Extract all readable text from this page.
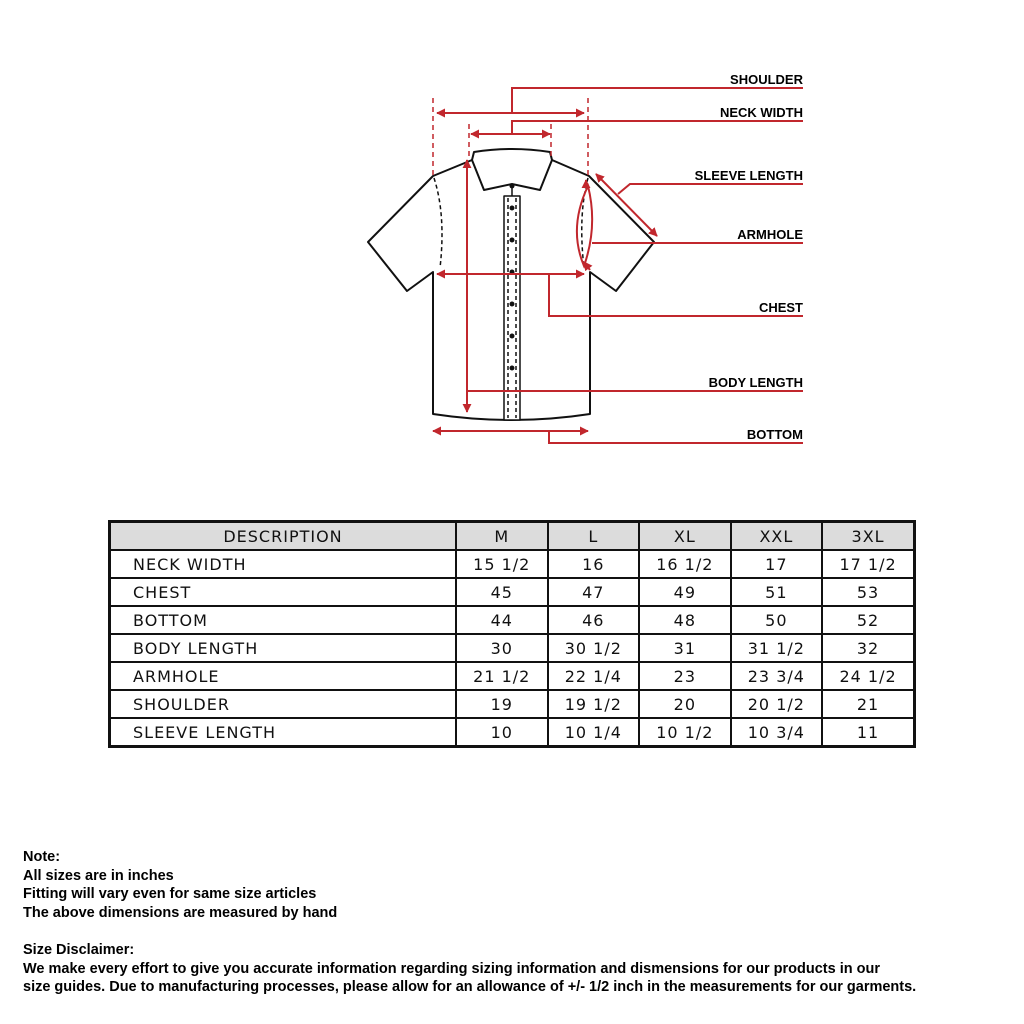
SHOULDER
NECK WIDTH
SLEEVE LENGTH
ARMHOLE
CHEST
BODY LENGTH
BOTTOM
DESCRIPTION	M	L	XL	XXL	3XL
NECK WIDTH	15 1/2	16	16 1/2	17	17 1/2
CHEST	45	47	49	51	53
BOTTOM	44	46	48	50	52
BODY LENGTH	30	30 1/2	31	31 1/2	32
ARMHOLE	21 1/2	22 1/4	23	23 3/4	24 1/2
SHOULDER	19	19 1/2	20	20 1/2	21
SLEEVE LENGTH	10	10 1/4	10 1/2	10 3/4	11

Note:

All sizes are in inches

Fitting will vary even for same size articles

The above dimensions are measured by hand

Size Disclaimer:

We make every effort to give you accurate information regarding sizing information and dismensions for our products in our

size guides. Due to manufacturing processes, please allow for an allowance of +/- 1/2 inch in the measurements for our garments.
